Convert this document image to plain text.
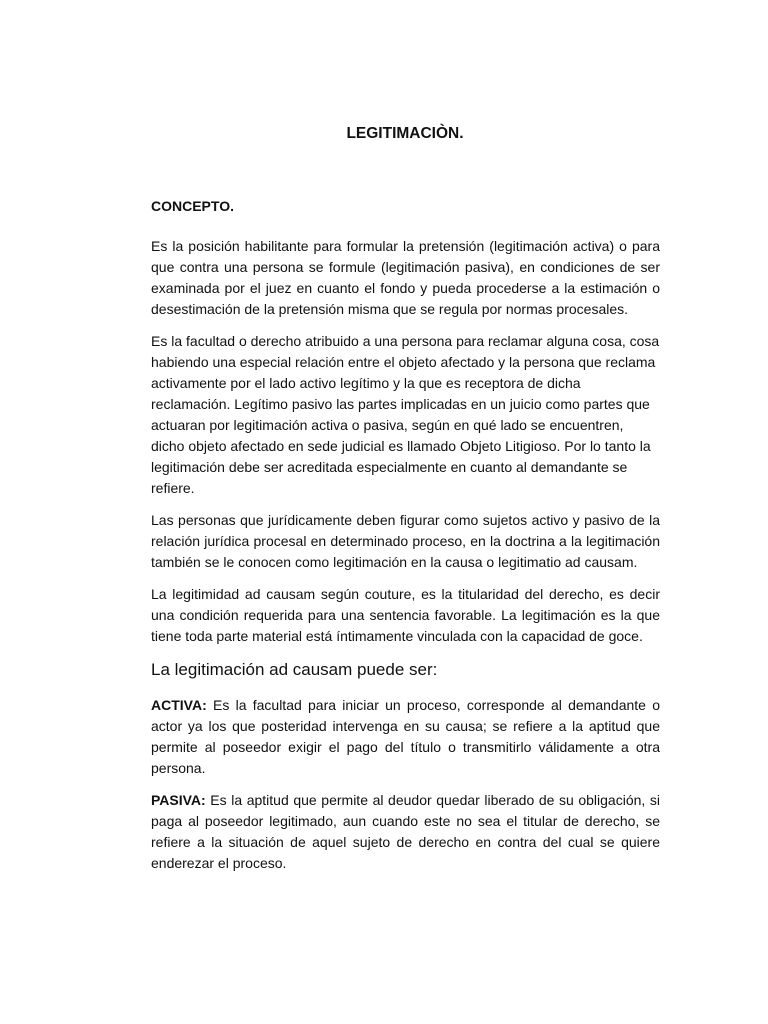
LEGITIMACIÒN.

CONCEPTO.

Es la posición habilitante para formular la pretensión (legitimación activa) o para que contra una persona se formule (legitimación pasiva), en condiciones de ser examinada por el juez en cuanto el fondo y pueda procederse a la estimación o desestimación de la pretensión misma que se regula por normas procesales.

Es la facultad o derecho atribuido a una persona para reclamar alguna cosa, cosa habiendo una especial relación entre el objeto afectado y la persona que reclama activamente por el lado activo legítimo y la que es receptora de dicha reclamación. Legítimo pasivo las partes implicadas en un juicio como partes que actuaran por legitimación activa o pasiva, según en qué lado se encuentren, dicho objeto afectado en sede judicial es llamado Objeto Litigioso. Por lo tanto la legitimación debe ser acreditada especialmente en cuanto al demandante se refiere.

Las personas que jurídicamente deben figurar como sujetos activo y pasivo de la relación jurídica procesal en determinado proceso, en la doctrina a la legitimación también se le conocen como legitimación en la causa o legitimatio ad causam.

La legitimidad ad causam según couture, es la titularidad del derecho, es decir una condición requerida para una sentencia favorable. La legitimación es la que tiene toda parte material está íntimamente vinculada con la capacidad de goce.

La legitimación ad causam puede ser:

ACTIVA: Es la facultad para iniciar un proceso, corresponde al demandante o actor ya los que posteridad intervenga en su causa; se refiere a la aptitud que permite al poseedor exigir el pago del título o transmitirlo válidamente a otra persona.

PASIVA: Es la aptitud que permite al deudor quedar liberado de su obligación, si paga al poseedor legitimado, aun cuando este no sea el titular de derecho, se refiere a la situación de aquel sujeto de derecho en contra del cual se quiere enderezar el proceso.
